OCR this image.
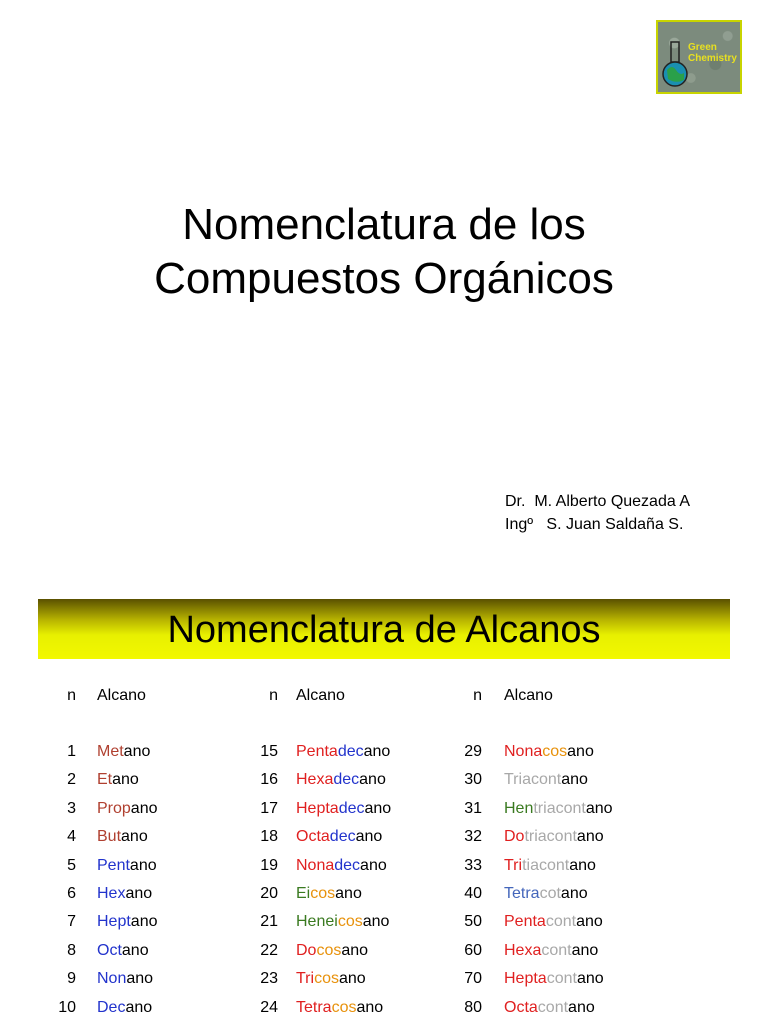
Green
Chemistry
Nomenclatura de los
Compuestos Orgánicos
Dr.  M. Alberto Quezada A
Ingº   S. Juan Saldaña S.
Nomenclatura de Alcanos
n Alcano
1 Metano
2 Etano
3 Propano
4 Butano
5 Pentano
6 Hexano
7 Heptano
8 Octano
9 Nonano
10 Decano
n Alcano
15 Pentadecano
16 Hexadecano
17 Heptadecano
18 Octadecano
19 Nonadecano
20 Eicosano
21 Heneicosano
22 Docosano
23 Tricosano
24 Tetracosano
n Alcano
29 Nonacosano
30 Triacontano
31 Hentriacontano
32 Dotriacontano
33 Tritiacontano
40 Tetracotano
50 Pentacontano
60 Hexacontano
70 Heptacontano
80 Octacontano
